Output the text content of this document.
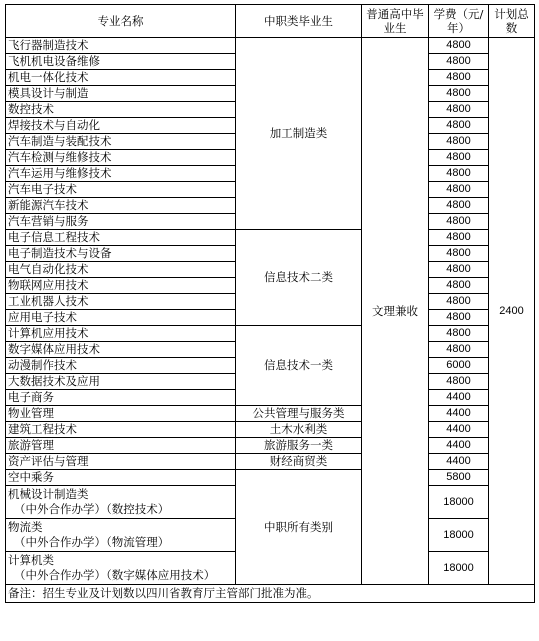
专业名称	中职类毕业生	普通高中毕业生	学费（元/年）	计划总数
飞行器制造技术	加工制造类	文理兼收	4800	2400
飞机机电设备维修			4800	
机电一体化技术			4800	
模具设计与制造			4800	
数控技术			4800	
焊接技术与自动化			4800	
汽车制造与装配技术			4800	
汽车检测与维修技术			4800	
汽车运用与维修技术			4800	
汽车电子技术			4800	
新能源汽车技术			4800	
汽车营销与服务			4800	
电子信息工程技术	信息技术二类		4800	
电子制造技术与设备			4800	
电气自动化技术			4800	
物联网应用技术			4800	
工业机器人技术			4800	
应用电子技术			4800	
计算机应用技术	信息技术一类		4800	
数字媒体应用技术			4800	
动漫制作技术			6000	
大数据技术及应用			4800	
电子商务			4400	
物业管理	公共管理与服务类		4400	
建筑工程技术	土木水利类		4400	
旅游管理	旅游服务一类		4400	
资产评估与管理	财经商贸类		4400	
空中乘务	中职所有类别		5800	
机械设计制造类
（中外合作办学）（数控技术）			18000	
物流类
（中外合作办学）（物流管理）			18000	
计算机类
（中外合作办学）（数字媒体应用技术）			18000	
备注：招生专业及计划数以四川省教育厅主管部门批准为准。				
